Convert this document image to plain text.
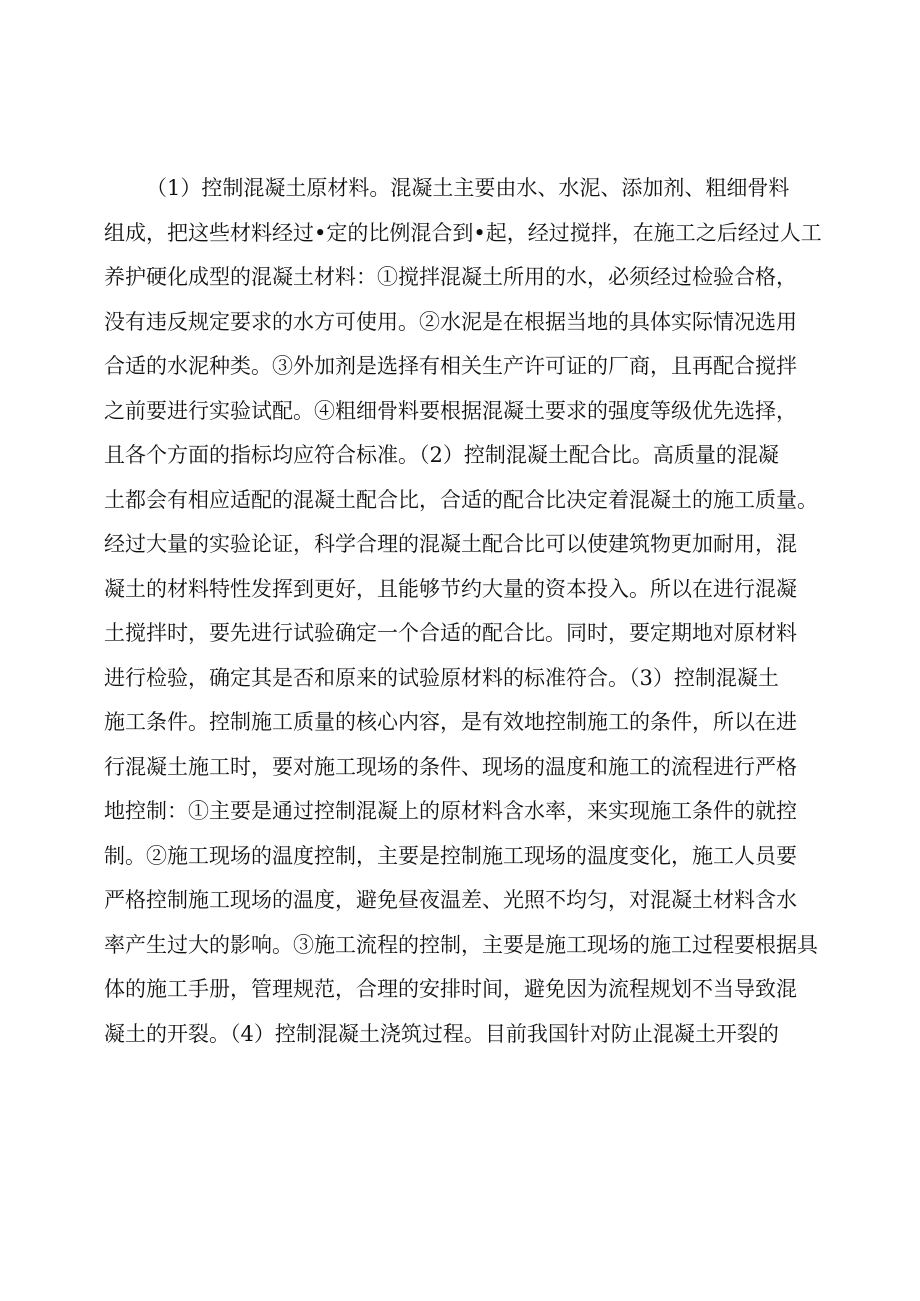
（1）控制混凝土原材料。混凝土主要由水、水泥、添加剂、粗细骨料
组成，把这些材料经过•定的比例混合到•起，经过搅拌，在施工之后经过人工
养护硬化成型的混凝土材料：①搅拌混凝土所用的水，必须经过检验合格，
没有违反规定要求的水方可使用。②水泥是在根据当地的具体实际情况选用
合适的水泥种类。③外加剂是选择有相关生产许可证的厂商，且再配合搅拌
之前要进行实验试配。④粗细骨料要根据混凝土要求的强度等级优先选择，
且各个方面的指标均应符合标准。（2）控制混凝土配合比。高质量的混凝
土都会有相应适配的混凝土配合比，合适的配合比决定着混凝土的施工质量。
经过大量的实验论证，科学合理的混凝土配合比可以使建筑物更加耐用，混
凝土的材料特性发挥到更好，且能够节约大量的资本投入。所以在进行混凝
土搅拌时，要先进行试验确定一个合适的配合比。同时，要定期地对原材料
进行检验，确定其是否和原来的试验原材料的标准符合。（3）控制混凝土
施工条件。控制施工质量的核心内容，是有效地控制施工的条件，所以在进
行混凝土施工时，要对施工现场的条件、现场的温度和施工的流程进行严格
地控制：①主要是通过控制混凝上的原材料含水率，来实现施工条件的就控
制。②施工现场的温度控制，主要是控制施工现场的温度变化，施工人员要
严格控制施工现场的温度，避免昼夜温差、光照不均匀，对混凝土材料含水
率产生过大的影响。③施工流程的控制，主要是施工现场的施工过程要根据具
体的施工手册，管理规范，合理的安排时间，避免因为流程规划不当导致混
凝土的开裂。（4）控制混凝土浇筑过程。目前我国针对防止混凝土开裂的
